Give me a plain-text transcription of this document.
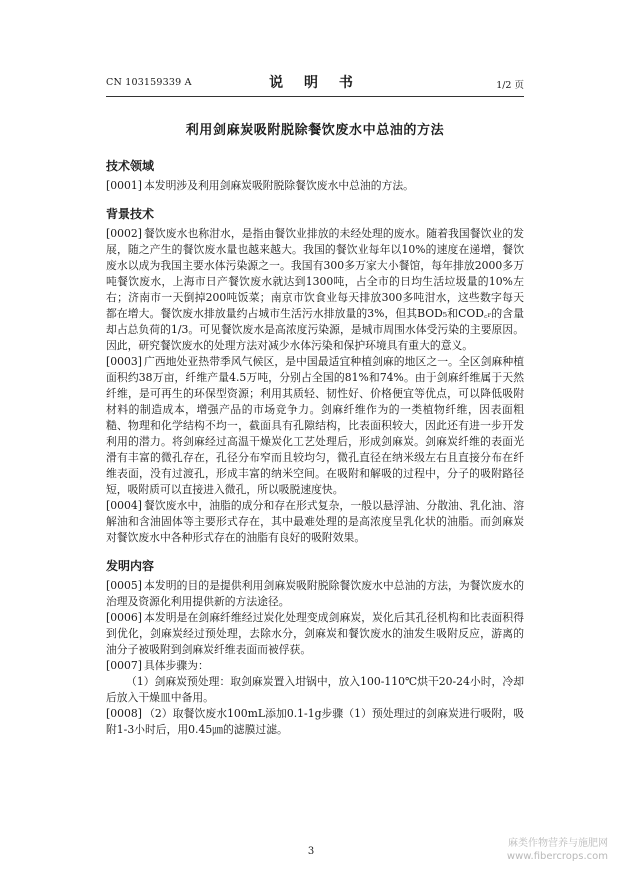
CN 103159339 A	说 明 书	1/2 页
利用剑麻炭吸附脱除餐饮废水中总油的方法
技术领域

[0001] 本发明涉及利用剑麻炭吸附脱除餐饮废水中总油的方法。

背景技术

[0002] 餐饮废水也称泔水，是指由餐饮业排放的未经处理的废水。随着我国餐饮业的发展，随之产生的餐饮废水量也越来越大。我国的餐饮业每年以10%的速度在递增，餐饮废水以成为我国主要水体污染源之一。我国有300多万家大小餐馆，每年排放2000多万吨餐饮废水，上海市日产餐饮废水就达到1300吨，占全市的日均生活垃圾量的10%左右；济南市一天倒掉200吨饭菜；南京市饮食业每天排放300多吨泔水，这些数字每天都在增大。餐饮废水排放量约占城市生活污水排放量的3%，但其BOD₅和COD꜀ᵣ的含量却占总负荷的1/3。可见餐饮废水是高浓度污染源，是城市周围水体受污染的主要原因。因此，研究餐饮废水的处理方法对减少水体污染和保护环境具有重大的意义。

[0003] 广西地处亚热带季风气候区，是中国最适宜种植剑麻的地区之一。全区剑麻种植面积约38万亩，纤维产量4.5万吨，分别占全国的81%和74%。由于剑麻纤维属于天然纤维，是可再生的环保型资源；利用其质轻、韧性好、价格便宜等优点，可以降低吸附材料的制造成本，增强产品的市场竞争力。剑麻纤维作为的一类植物纤维，因表面粗糙、物理和化学结构不均一，截面具有孔隙结构，比表面积较大，因此还有进一步开发利用的潜力。将剑麻经过高温干燥炭化工艺处理后，形成剑麻炭。剑麻炭纤维的表面光滑有丰富的微孔存在，孔径分布窄而且较均匀，微孔直径在纳米级左右且直接分布在纤维表面，没有过渡孔，形成丰富的纳米空间。在吸附和解吸的过程中，分子的吸附路径短，吸附质可以直接进入微孔，所以吸脱速度快。

[0004] 餐饮废水中，油脂的成分和存在形式复杂，一般以悬浮油、分散油、乳化油、溶解油和含油固体等主要形式存在，其中最难处理的是高浓度呈乳化状的油脂。而剑麻炭对餐饮废水中各种形式存在的油脂有良好的吸附效果。

发明内容

[0005] 本发明的目的是提供利用剑麻炭吸附脱除餐饮废水中总油的方法，为餐饮废水的治理及资源化利用提供新的方法途径。

[0006] 本发明是在剑麻纤维经过炭化处理变成剑麻炭，炭化后其孔径机构和比表面积得到优化，剑麻炭经过预处理，去除水分，剑麻炭和餐饮废水的油发生吸附反应，游离的油分子被吸附到剑麻炭纤维表面而被俘获。

[0007] 具体步骤为：

（1）剑麻炭预处理：取剑麻炭置入坩锅中，放入100-110℃烘干20-24小时，冷却后放入干燥皿中备用。

[0008] （2）取餐饮废水100mL添加0.1-1g步骤（1）预处理过的剑麻炭进行吸附，吸附1-3小时后，用0.45㎛的滤膜过滤。

3
麻类作物营养与施肥网
www.fibercrops.com
